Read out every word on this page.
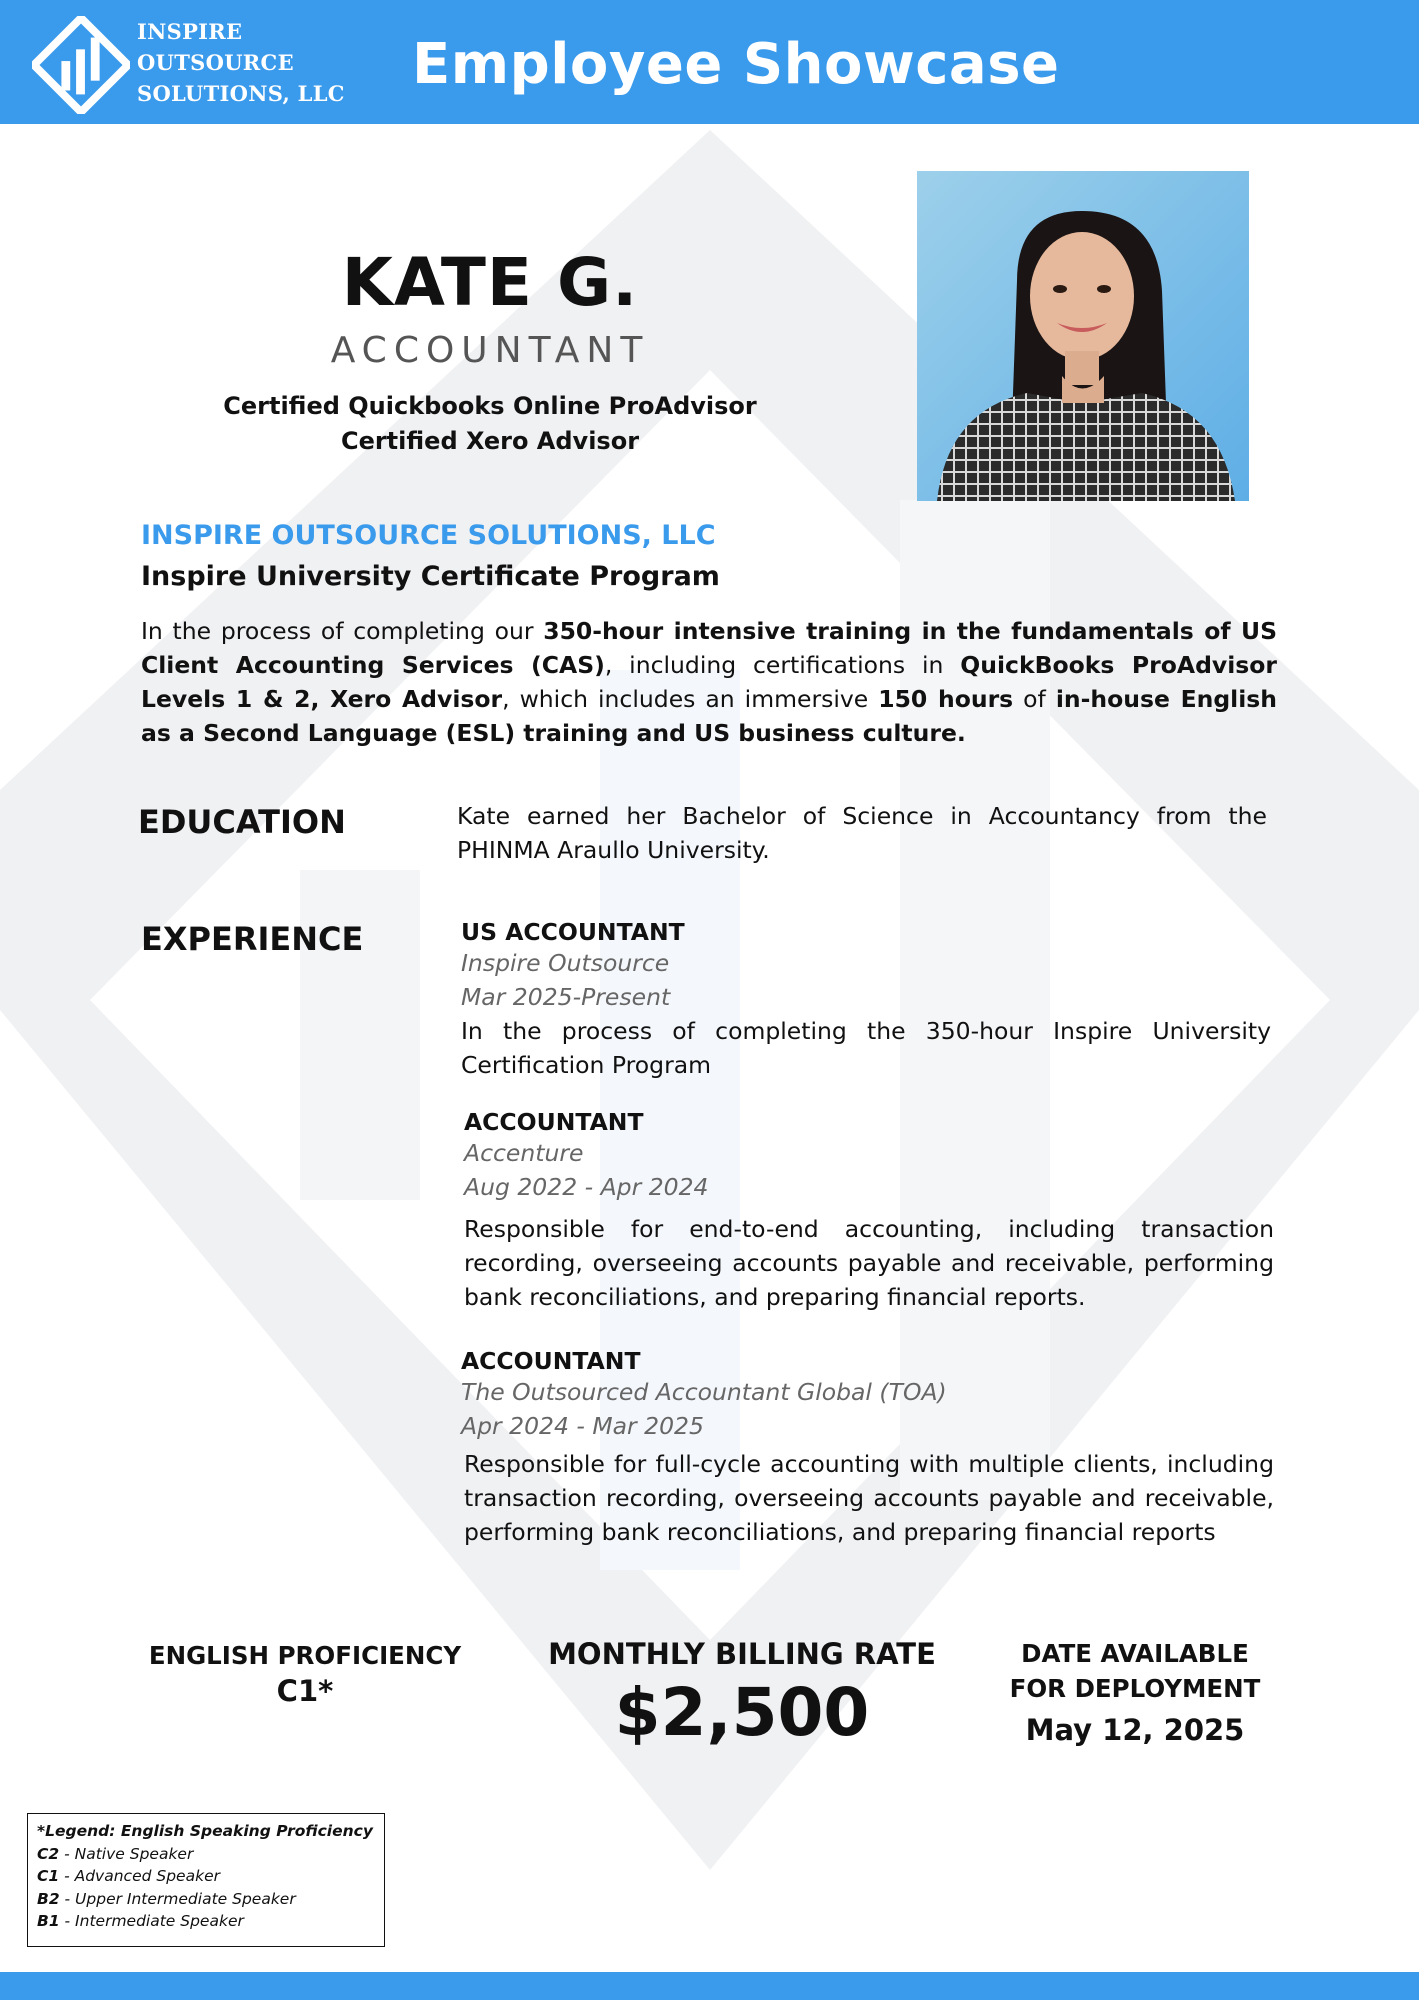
INSPIRE
OUTSOURCE
SOLUTIONS, LLC	Employee Showcase
KATE G.
ACCOUNTANT
Certified Quickbooks Online ProAdvisor
Certified Xero Advisor
INSPIRE OUTSOURCE SOLUTIONS, LLC
Inspire University Certificate Program
In the process of completing our 350-hour intensive training in the fundamentals of US Client Accounting Services (CAS), including certifications in QuickBooks ProAdvisor Levels 1 & 2, Xero Advisor, which includes an immersive 150 hours of in-house English as a Second Language (ESL) training and US business culture.
EDUCATION	Kate earned her Bachelor of Science in Accountancy from the PHINMA Araullo University.
EXPERIENCE	US ACCOUNTANT
Inspire Outsource
Mar 2025-Present
In the process of completing the 350-hour Inspire University Certification Program
ACCOUNTANT
Accenture
Aug 2022 - Apr 2024
Responsible for end-to-end accounting, including transaction recording, overseeing accounts payable and receivable, performing bank reconciliations, and preparing financial reports.
ACCOUNTANT
The Outsourced Accountant Global (TOA)
Apr 2024 - Mar 2025
Responsible for full-cycle accounting with multiple clients, including transaction recording, overseeing accounts payable and receivable, performing bank reconciliations, and preparing financial reports
ENGLISH PROFICIENCY
C1*
MONTHLY BILLING RATE
$2,500
DATE AVAILABLE
FOR DEPLOYMENT
May 12, 2025
*Legend: English Speaking Proficiency
C2 - Native Speaker
C1 - Advanced Speaker
B2 - Upper Intermediate Speaker
B1 - Intermediate Speaker
